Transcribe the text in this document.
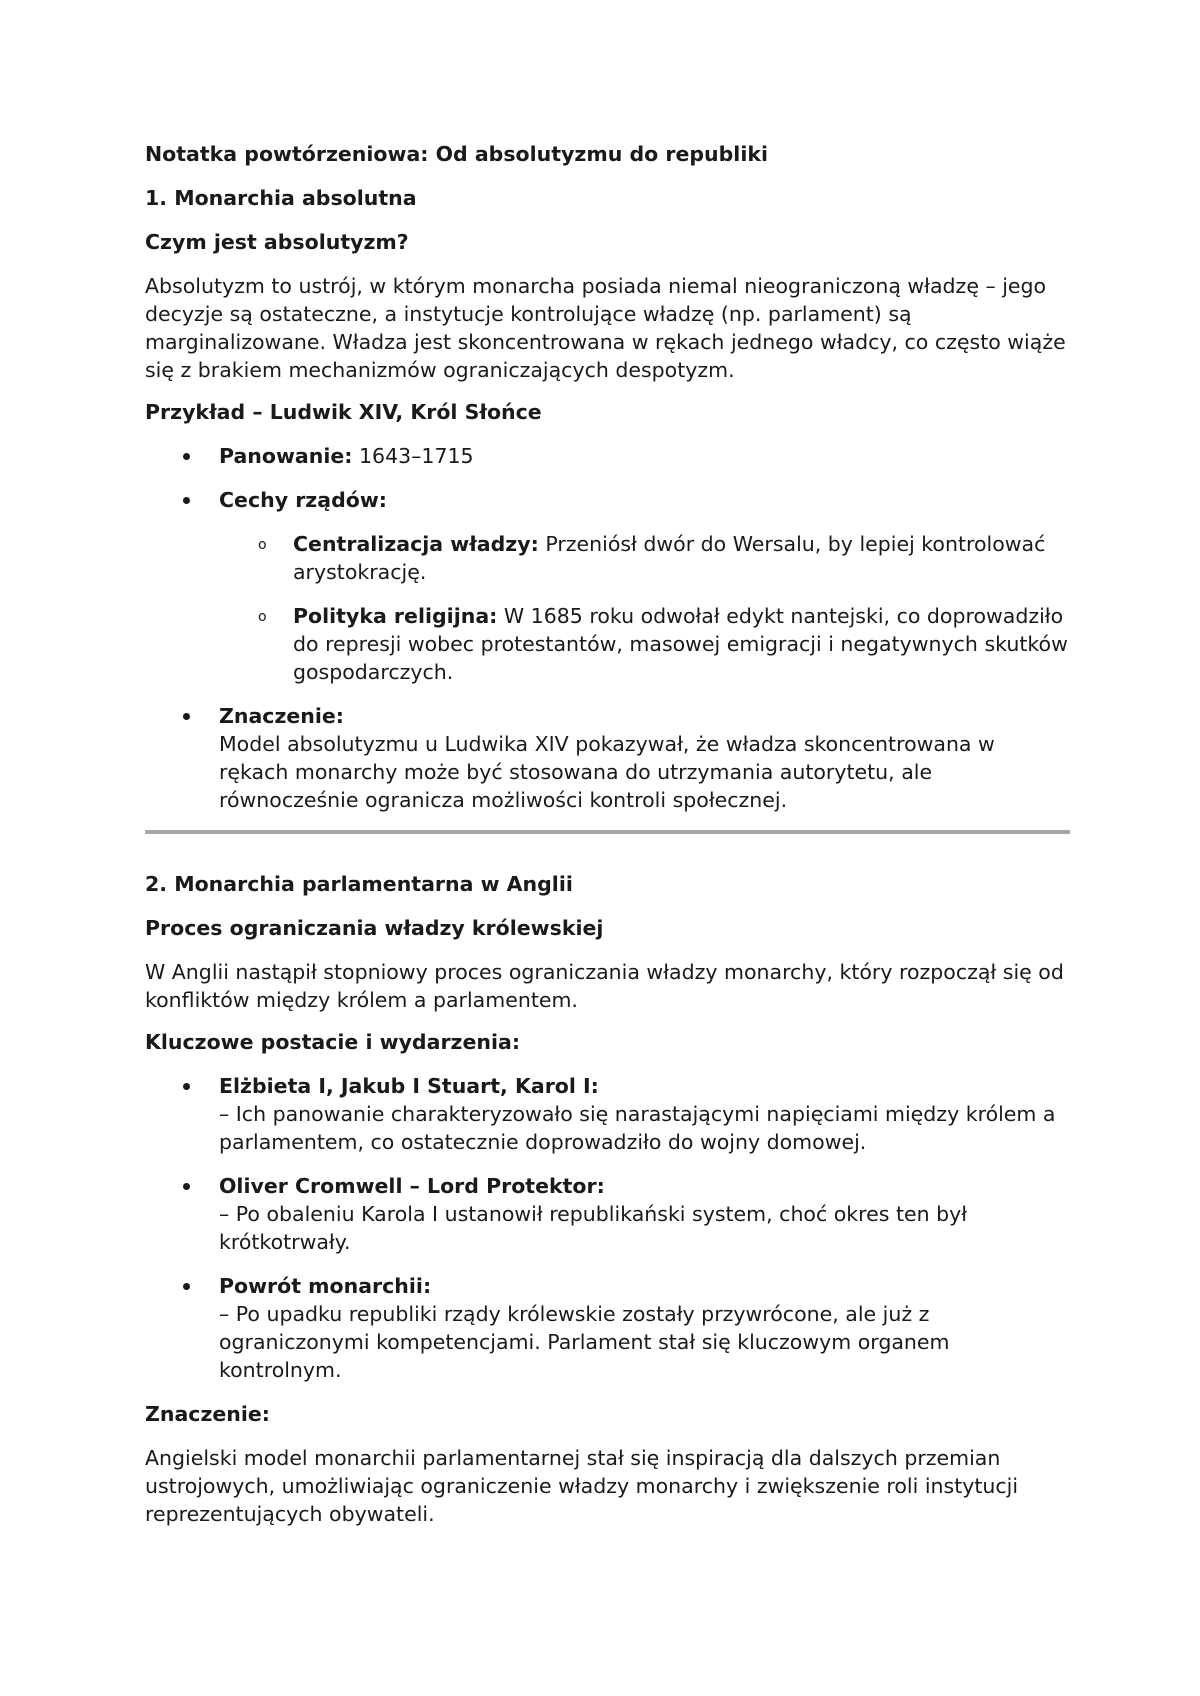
Notatka powtórzeniowa: Od absolutyzmu do republiki
1. Monarchia absolutna
Czym jest absolutyzm?
Absolutyzm to ustrój, w którym monarcha posiada niemal nieograniczoną władzę – jego decyzje są ostateczne, a instytucje kontrolujące władzę (np. parlament) są marginalizowane. Władza jest skoncentrowana w rękach jednego władcy, co często wiąże się z brakiem mechanizmów ograniczających despotyzm.
Przykład – Ludwik XIV, Król Słońce
Panowanie: 1643–1715
Cechy rządów:
o Centralizacja władzy: Przeniósł dwór do Wersalu, by lepiej kontrolować arystokrację.
o Polityka religijna: W 1685 roku odwołał edykt nantejski, co doprowadziło do represji wobec protestantów, masowej emigracji i negatywnych skutków gospodarczych.
Znaczenie:
Model absolutyzmu u Ludwika XIV pokazywał, że władza skoncentrowana w rękach monarchy może być stosowana do utrzymania autorytetu, ale równocześnie ogranicza możliwości kontroli społecznej.
2. Monarchia parlamentarna w Anglii
Proces ograniczania władzy królewskiej
W Anglii nastąpił stopniowy proces ograniczania władzy monarchy, który rozpoczął się od konfliktów między królem a parlamentem.
Kluczowe postacie i wydarzenia:
Elżbieta I, Jakub I Stuart, Karol I:
– Ich panowanie charakteryzowało się narastającymi napięciami między królem a parlamentem, co ostatecznie doprowadziło do wojny domowej.
Oliver Cromwell – Lord Protektor:
– Po obaleniu Karola I ustanowił republikański system, choć okres ten był krótkotrwały.
Powrót monarchii:
– Po upadku republiki rządy królewskie zostały przywrócone, ale już z ograniczonymi kompetencjami. Parlament stał się kluczowym organem kontrolnym.
Znaczenie:
Angielski model monarchii parlamentarnej stał się inspiracją dla dalszych przemian ustrojowych, umożliwiając ograniczenie władzy monarchy i zwiększenie roli instytucji reprezentujących obywateli.
